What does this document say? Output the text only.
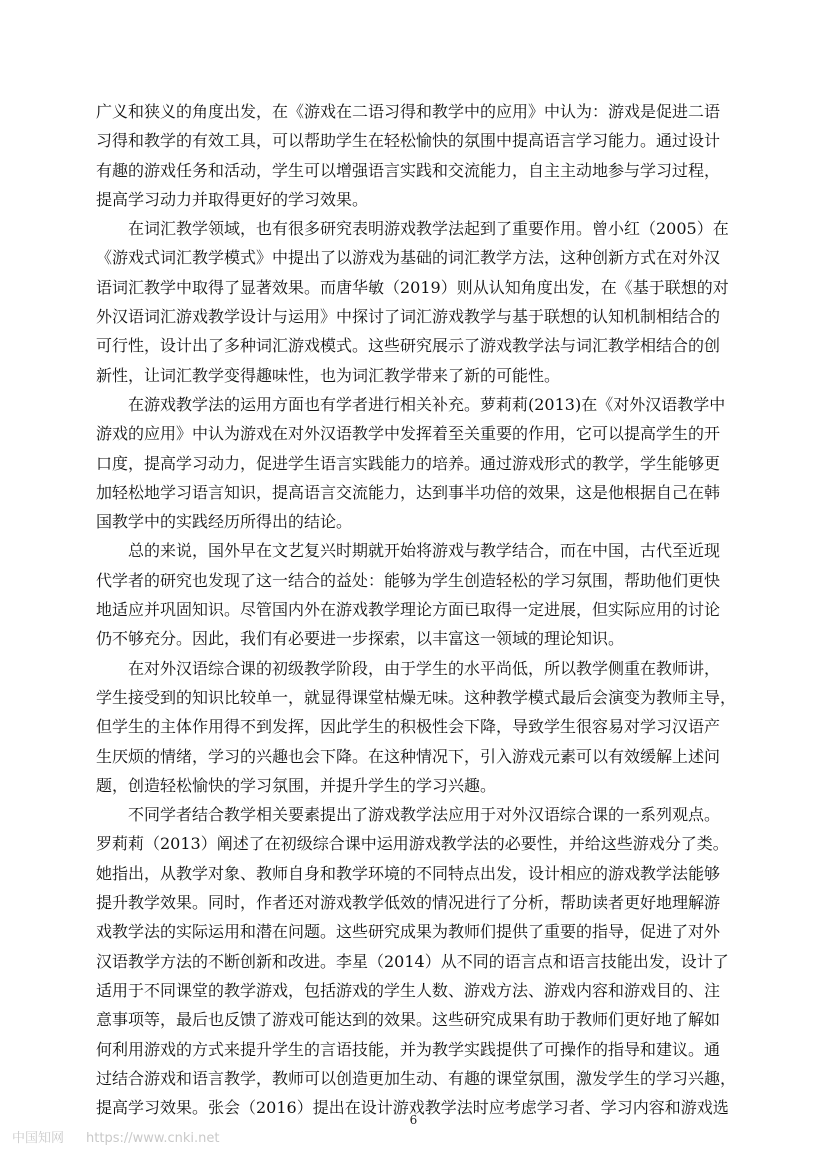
广义和狭义的角度出发，在《游戏在二语习得和教学中的应用》中认为：游戏是促进二语
习得和教学的有效工具，可以帮助学生在轻松愉快的氛围中提高语言学习能力。通过设计
有趣的游戏任务和活动，学生可以增强语言实践和交流能力，自主主动地参与学习过程，
提高学习动力并取得更好的学习效果。

在词汇教学领域，也有很多研究表明游戏教学法起到了重要作用。曾小红（2005）在
《游戏式词汇教学模式》中提出了以游戏为基础的词汇教学方法，这种创新方式在对外汉
语词汇教学中取得了显著效果。而唐华敏（2019）则从认知角度出发，在《基于联想的对
外汉语词汇游戏教学设计与运用》中探讨了词汇游戏教学与基于联想的认知机制相结合的
可行性，设计出了多种词汇游戏模式。这些研究展示了游戏教学法与词汇教学相结合的创
新性，让词汇教学变得趣味性，也为词汇教学带来了新的可能性。

在游戏教学法的运用方面也有学者进行相关补充。萝莉莉(2013)在《对外汉语教学中
游戏的应用》中认为游戏在对外汉语教学中发挥着至关重要的作用，它可以提高学生的开
口度，提高学习动力，促进学生语言实践能力的培养。通过游戏形式的教学，学生能够更
加轻松地学习语言知识，提高语言交流能力，达到事半功倍的效果，这是他根据自己在韩
国教学中的实践经历所得出的结论。

总的来说，国外早在文艺复兴时期就开始将游戏与教学结合，而在中国，古代至近现
代学者的研究也发现了这一结合的益处：能够为学生创造轻松的学习氛围，帮助他们更快
地适应并巩固知识。尽管国内外在游戏教学理论方面已取得一定进展，但实际应用的讨论
仍不够充分。因此，我们有必要进一步探索，以丰富这一领域的理论知识。

在对外汉语综合课的初级教学阶段，由于学生的水平尚低，所以教学侧重在教师讲，
学生接受到的知识比较单一，就显得课堂枯燥无味。这种教学模式最后会演变为教师主导，
但学生的主体作用得不到发挥，因此学生的积极性会下降，导致学生很容易对学习汉语产
生厌烦的情绪，学习的兴趣也会下降。在这种情况下，引入游戏元素可以有效缓解上述问
题，创造轻松愉快的学习氛围，并提升学生的学习兴趣。

不同学者结合教学相关要素提出了游戏教学法应用于对外汉语综合课的一系列观点。
罗莉莉（2013）阐述了在初级综合课中运用游戏教学法的必要性，并给这些游戏分了类。
她指出，从教学对象、教师自身和教学环境的不同特点出发，设计相应的游戏教学法能够
提升教学效果。同时，作者还对游戏教学低效的情况进行了分析，帮助读者更好地理解游
戏教学法的实际运用和潜在问题。这些研究成果为教师们提供了重要的指导，促进了对外
汉语教学方法的不断创新和改进。李星（2014）从不同的语言点和语言技能出发，设计了
适用于不同课堂的教学游戏，包括游戏的学生人数、游戏方法、游戏内容和游戏目的、注
意事项等，最后也反馈了游戏可能达到的效果。这些研究成果有助于教师们更好地了解如
何利用游戏的方式来提升学生的言语技能，并为教学实践提供了可操作的指导和建议。通
过结合游戏和语言教学，教师可以创造更加生动、有趣的课堂氛围，激发学生的学习兴趣，
提高学习效果。张会（2016）提出在设计游戏教学法时应考虑学习者、学习内容和游戏选

6
中国知网 https://www.cnki.net
